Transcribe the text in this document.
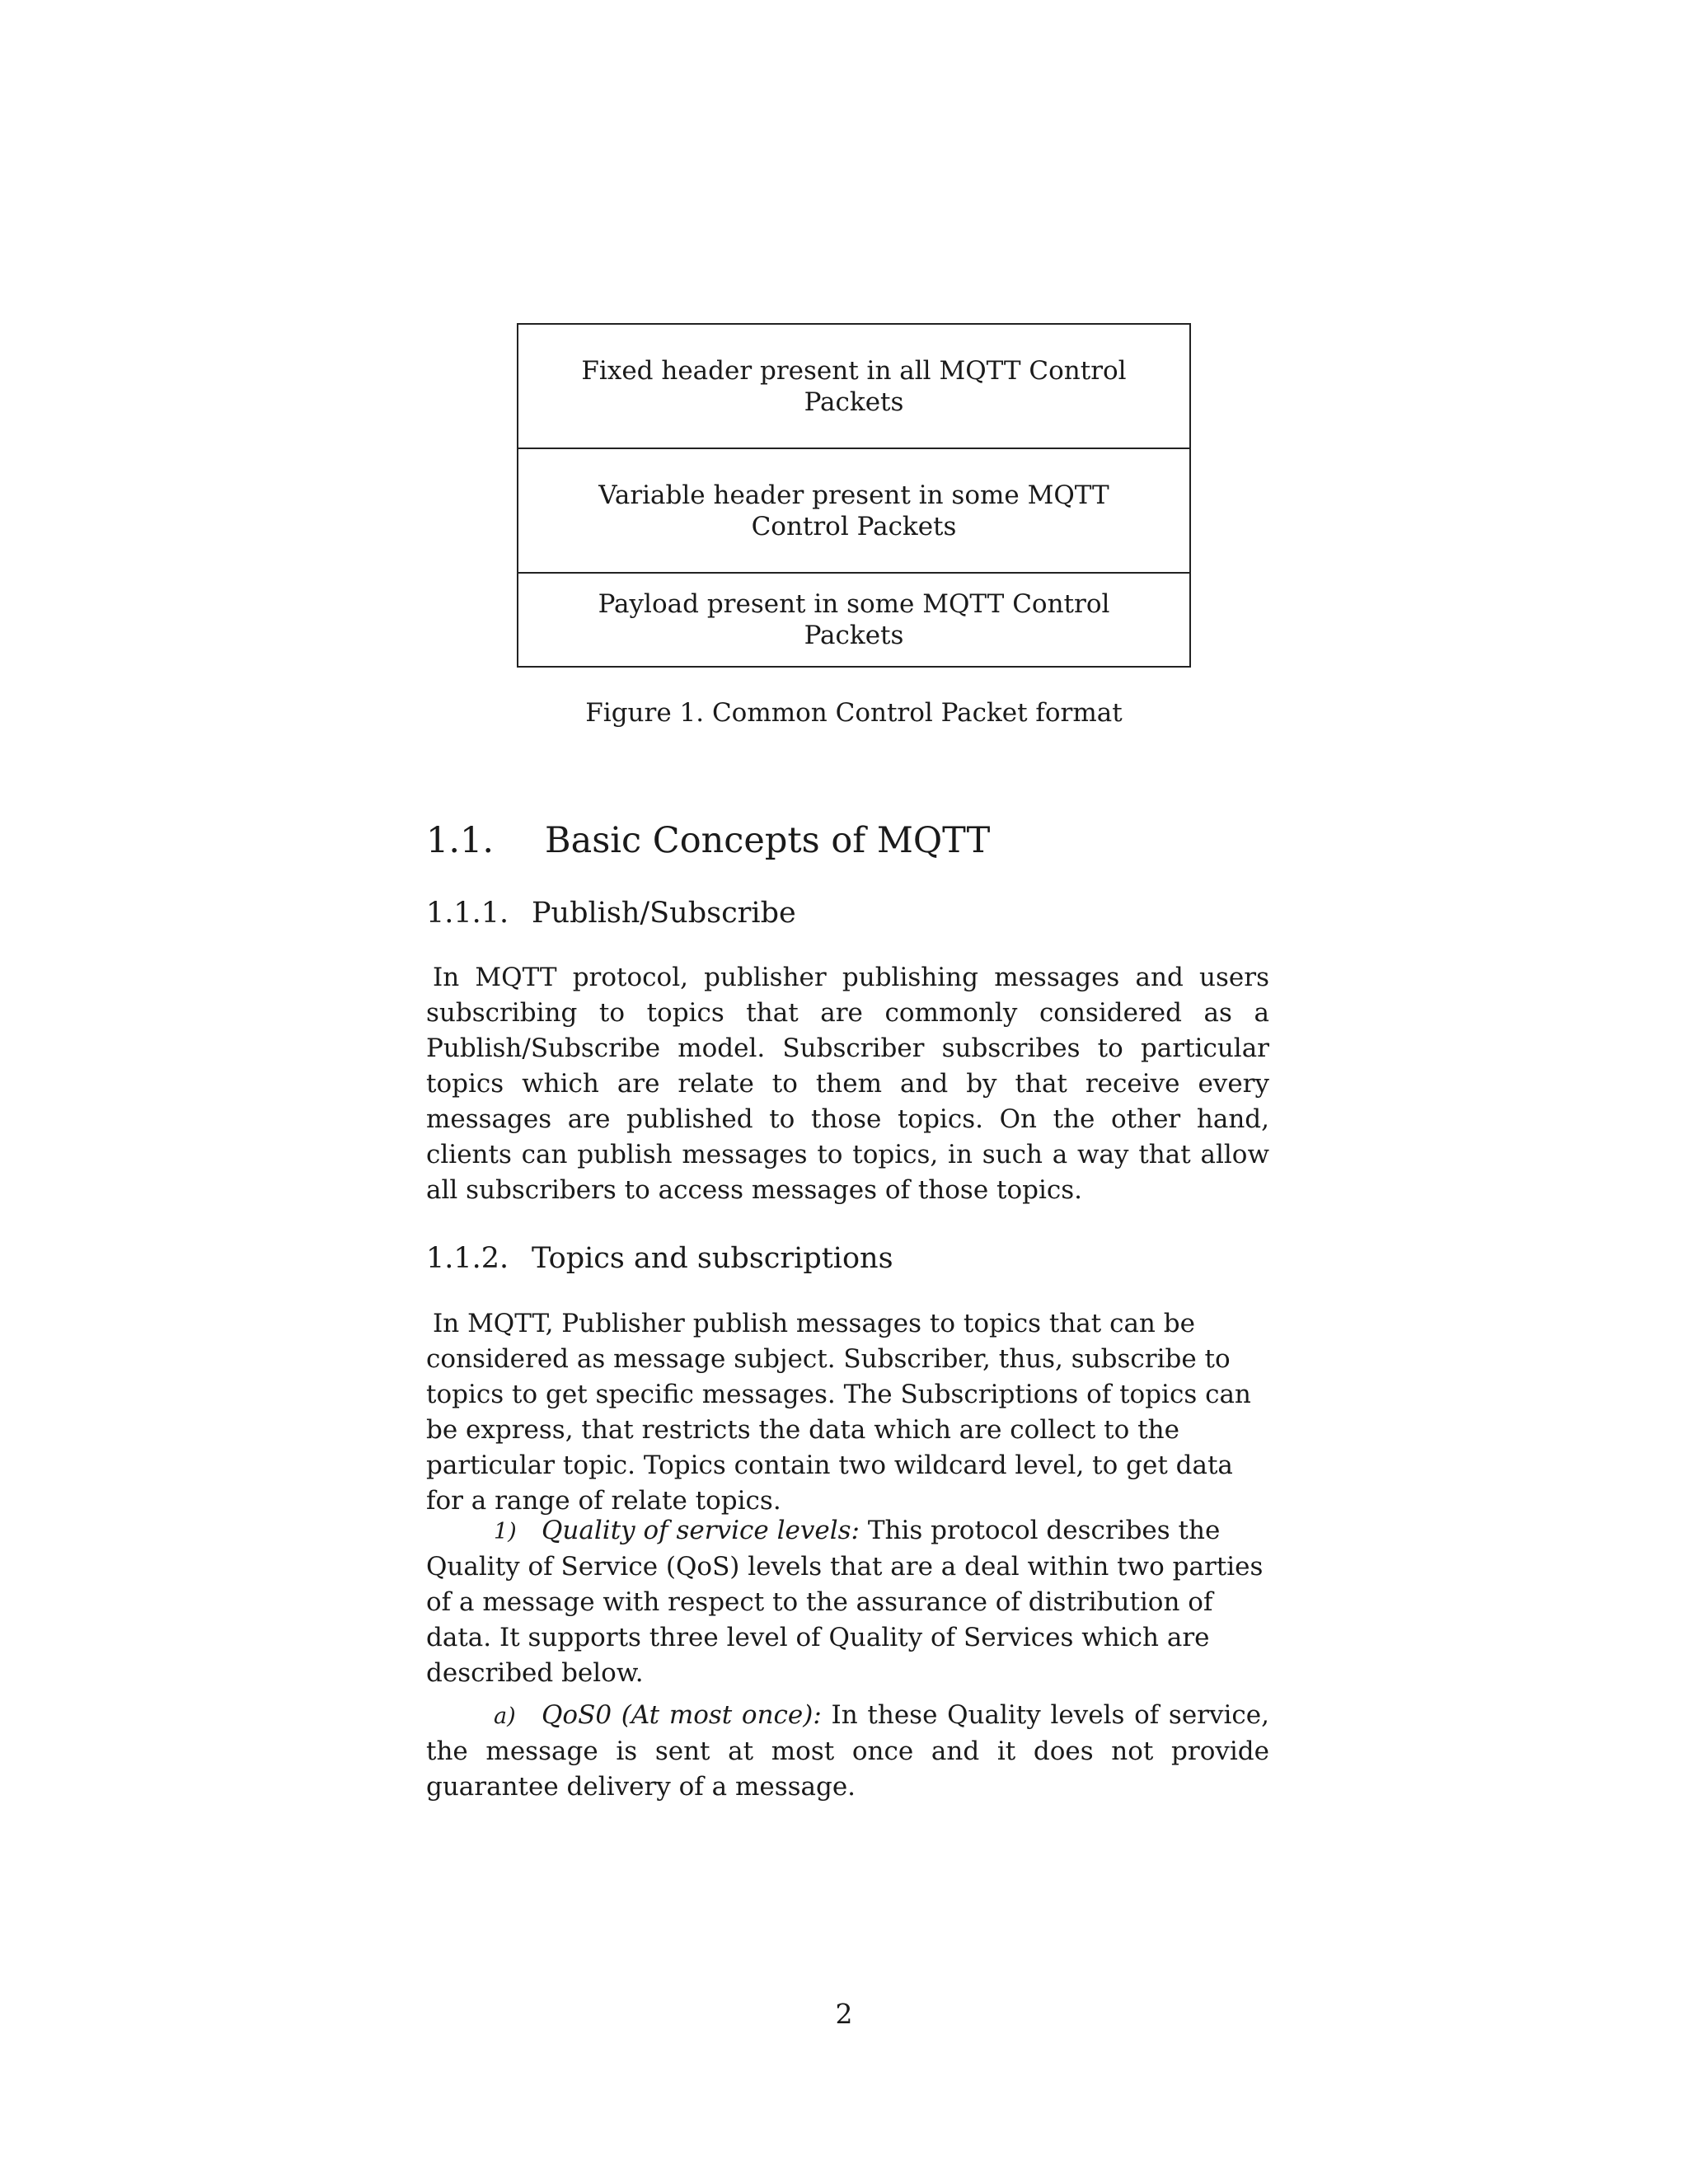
Fixed header present in all MQTT Control Packets
Variable header present in some MQTT Control Packets
Payload present in some MQTT Control Packets
Figure 1. Common Control Packet format
1.1. Basic Concepts of MQTT
1.1.1. Publish/Subscribe
In MQTT protocol, publisher publishing messages and users subscribing to topics that are commonly considered as a Publish/Subscribe model. Subscriber subscribes to particular topics which are relate to them and by that receive every messages are published to those topics. On the other hand, clients can publish messages to topics, in such a way that allow all subscribers to access messages of those topics.
1.1.2. Topics and subscriptions
In MQTT, Publisher publish messages to topics that can be considered as message subject. Subscriber, thus, subscribe to topics to get specific messages. The Subscriptions of topics can be express, that restricts the data which are collect to the particular topic. Topics contain two wildcard level, to get data for a range of relate topics.
1) Quality of service levels: This protocol describes the Quality of Service (QoS) levels that are a deal within two parties of a message with respect to the assurance of distribution of data. It supports three level of Quality of Services which are described below.
a) QoS0 (At most once): In these Quality levels of service, the message is sent at most once and it does not provide guarantee delivery of a message.
2
